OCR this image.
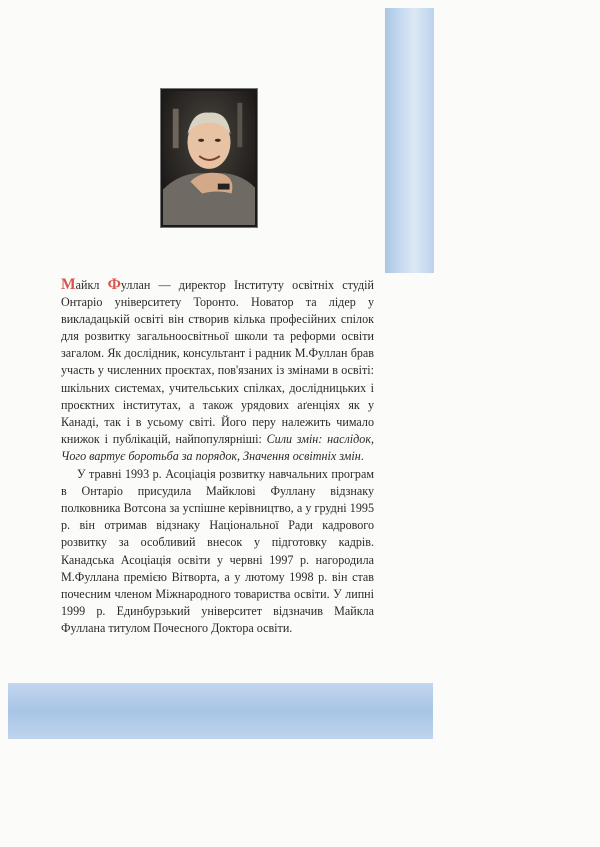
Майкл Фуллан — директор Інституту освітніх студій Онтаріо університету Торонто. Новатор та лідер у викладацькій освіті він створив кілька професійних спілок для розвитку загальноосвітньої школи та реформи освіти загалом. Як дослідник, консультант і радник М.Фуллан брав участь у численних проєктах, пов'язаних із змінами в освіті: шкільних системах, учительських спілках, дослідницьких і проєктних інститутах, а також урядових аґенціях як у Канаді, так і в усьому світі. Його перу належить чимало книжок і публікацій, найпопулярніші: Сили змін: наслідок, Чого вартує боротьба за порядок, Значення освітніх змін.

У травні 1993 р. Асоціація розвитку навчальних програм в Онтаріо присудила Майклові Фуллану відзнаку полковника Вотсона за успішне керівництво, а у грудні 1995 р. він отримав відзнаку Національної Ради кадрового розвитку за особливий внесок у підготовку кадрів. Канадська Асоціація освіти у червні 1997 р. нагородила М.Фуллана премією Вітворта, а у лютому 1998 р. він став почесним членом Міжнародного товариства освіти. У липні 1999 р. Единбурзький університет відзначив Майкла Фуллана титулом Почесного Доктора освіти.
